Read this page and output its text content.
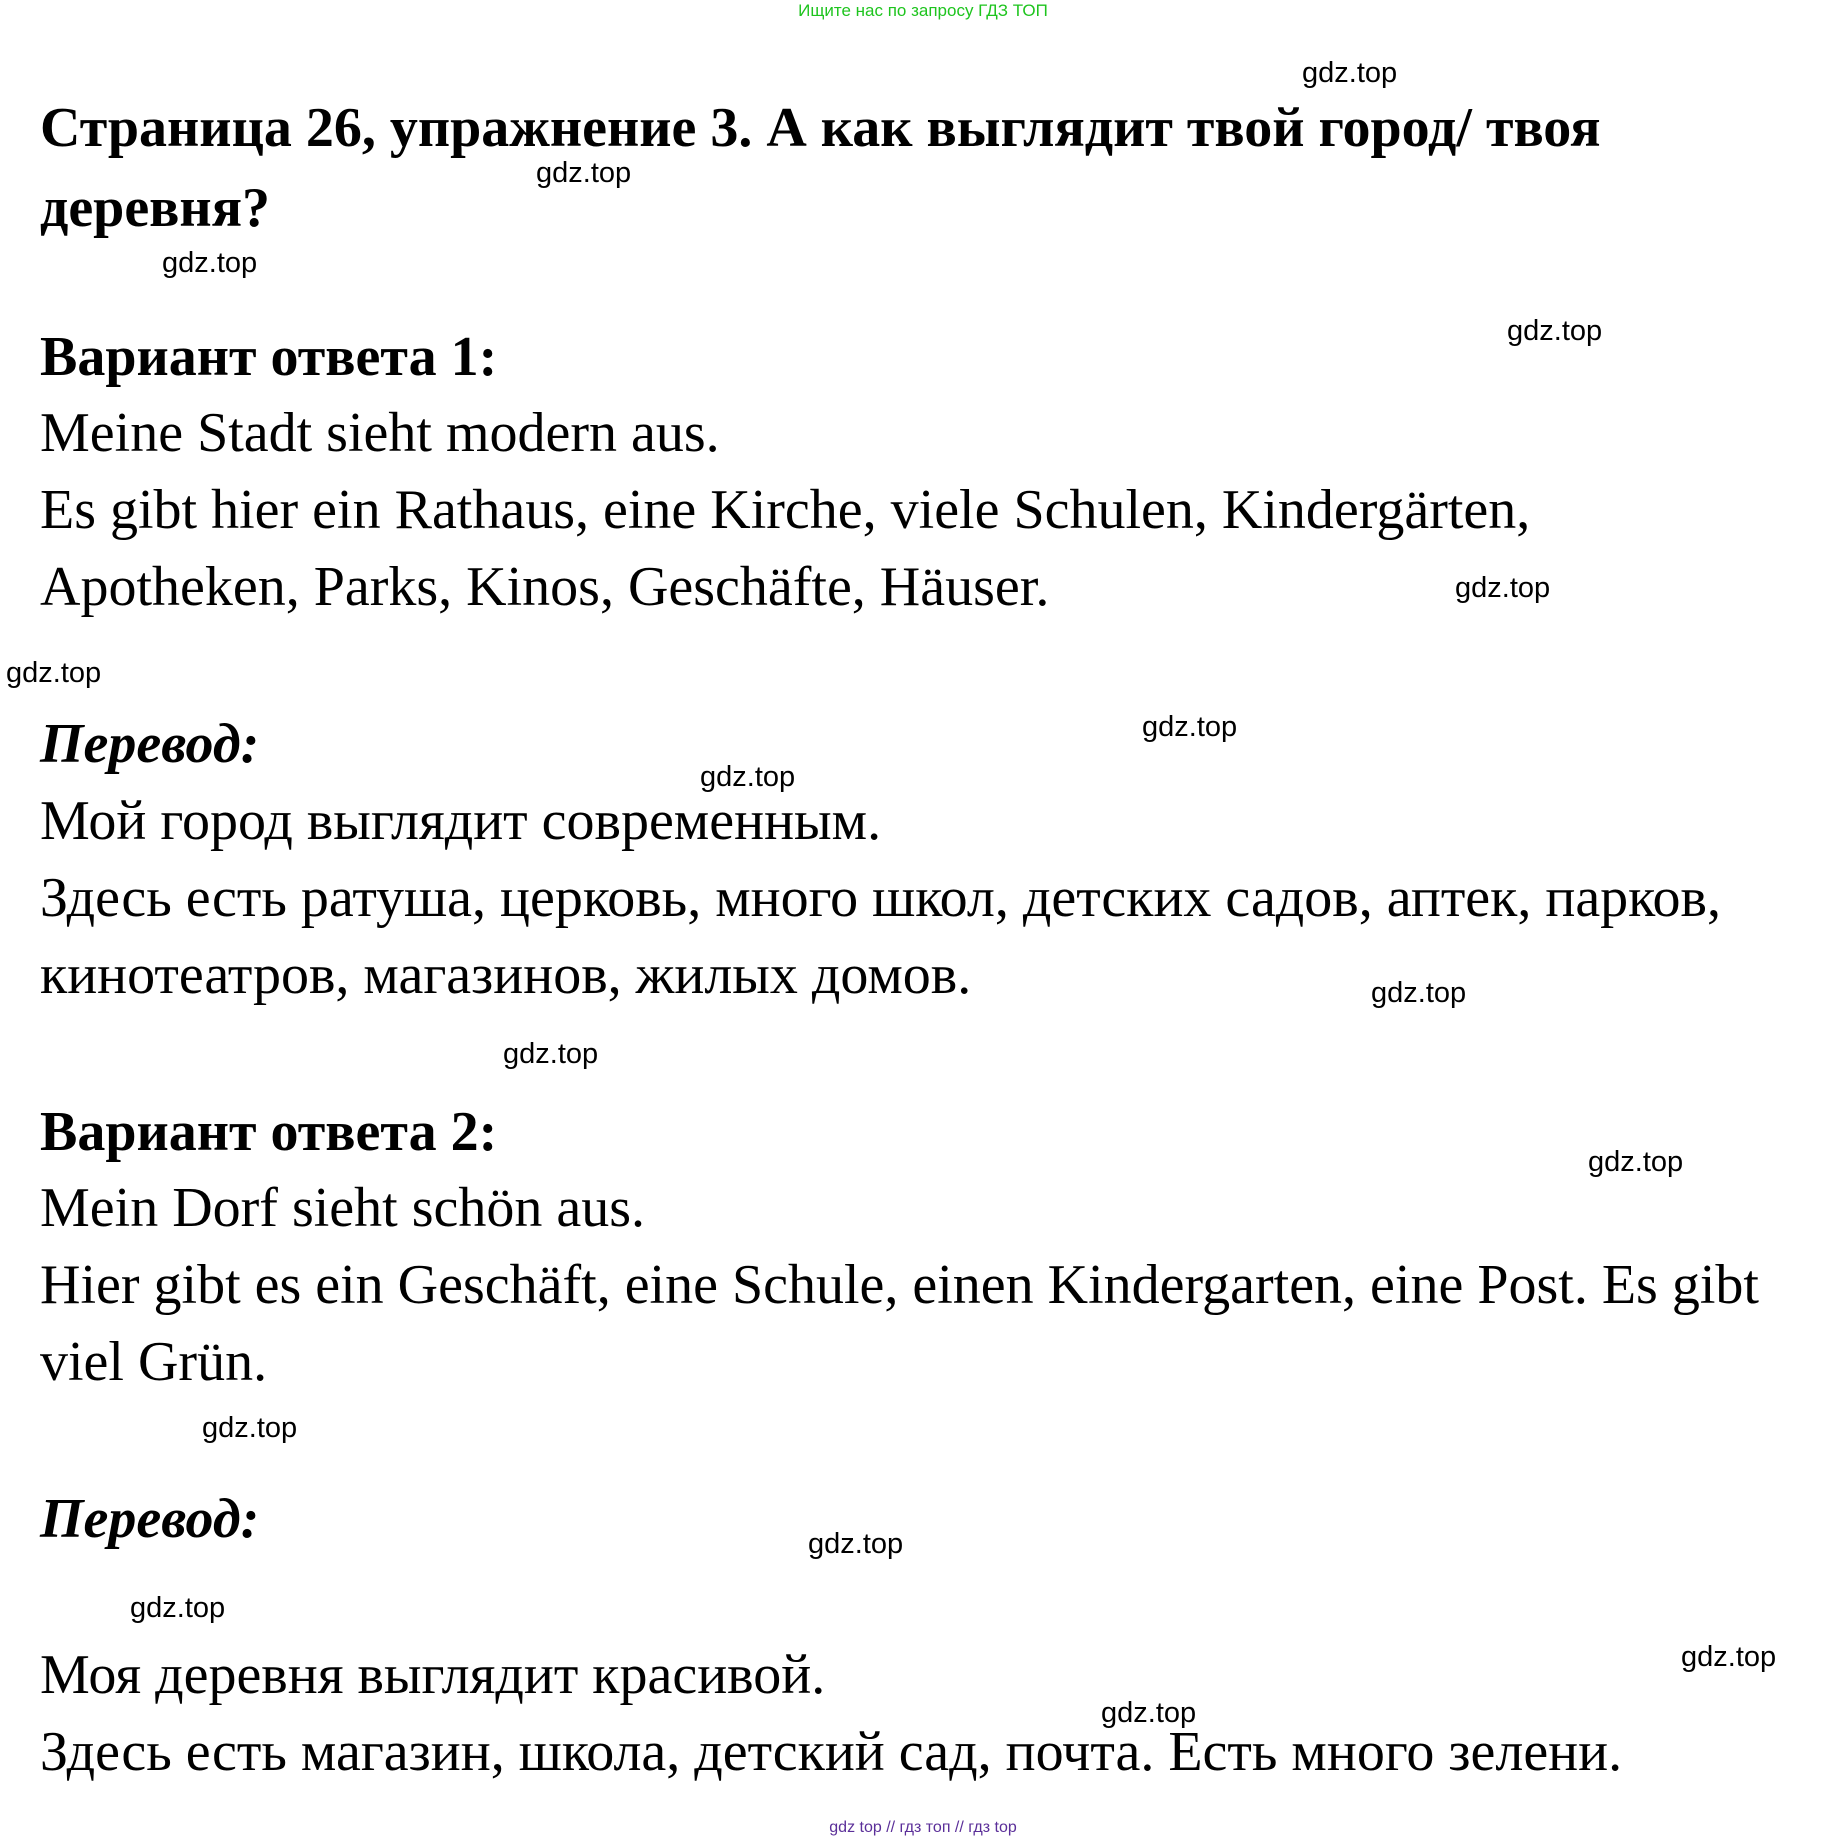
Ищите нас по запросу ГДЗ ТОП
Страница 26, упражнение 3. А как выглядит твой город/ твоя деревня?
Вариант ответа 1:

Meine Stadt sieht modern aus.

Es gibt hier ein Rathaus, eine Kirche, viele Schulen, Kindergärten,

Apotheken, Parks, Kinos, Geschäfte, Häuser.

Перевод:

Мой город выглядит современным.

Здесь есть ратуша, церковь, много школ, детских садов, аптек, парков,

кинотеатров, магазинов, жилых домов.

Вариант ответа 2:

Mein Dorf sieht schön aus.

Hier gibt es ein Geschäft, eine Schule, einen Kindergarten, eine Post. Es gibt

viel Grün.

Перевод:

Моя деревня выглядит красивой.

Здесь есть магазин, школа, детский сад, почта. Есть много зелени.

gdz.top
gdz.top
gdz.top
gdz.top
gdz.top
gdz.top
gdz.top
gdz.top
gdz.top
gdz.top
gdz.top
gdz.top
gdz.top
gdz.top
gdz.top
gdz.top
gdz top // гдз топ // гдз top
